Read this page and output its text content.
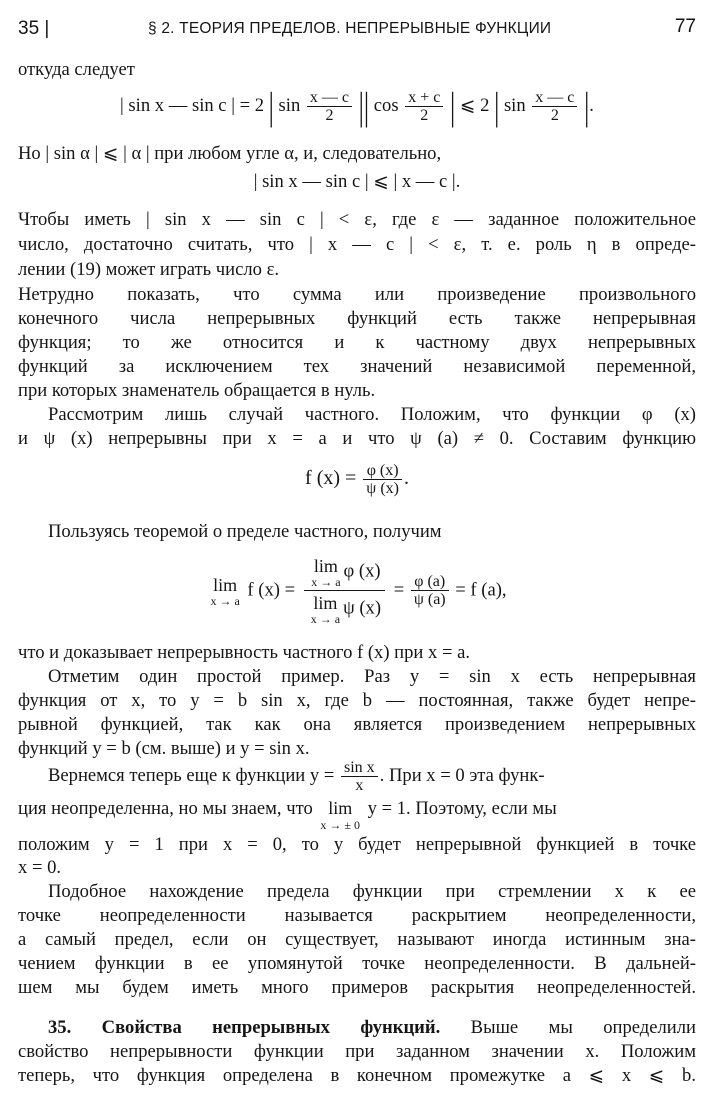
35 |	§ 2. ТЕОРИЯ ПРЕДЕЛОВ. НЕПРЕРЫВНЫЕ ФУНКЦИИ	77
откуда следует
| sin x — sin c | = 2 | $\sin \frac{x — c}{2}$ || $\cos \frac{x + c}{2}$ | ⩽ 2 | $\sin \frac{x — c}{2}$ |.
Но | sin α | ⩽ | α | при любом угле α, и, следовательно,
| sin x — sin c | ⩽ | x — c |.
Чтобы иметь | sin x — sin c | < ε, где ε — заданное положительное
число, достаточно считать, что | x — c | < ε, т. е. роль η в опреде-
лении (19) может играть число ε.
Нетрудно показать, что сумма или произведение произвольного
конечного числа непрерывных функций есть также непрерывная
функция; то же относится и к частному двух непрерывных
функций за исключением тех значений независимой переменной,
при которых знаменатель обращается в нуль.
Рассмотрим лишь случай частного. Положим, что функции φ (x)
и ψ (x) непрерывны при x = a и что ψ (a) ≠ 0. Составим функцию
f $(x) = \frac{\varphi (x)}{\psi (x)}$ .
Пользуясь теоремой о пределе частного, получим
lim
x → a f (x) = lim
x → a
φ (x)
lim
x → a
ψ $(x) = \frac{\varphi (a)}{\psi (a)} = f$ (a),
что и доказывает непрерывность частного f (x) при x = a.
Отметим один простой пример. Раз y = sin x есть непрерывная
функция от x, то y = b sin x, где b — постоянная, также будет непре-
рывной функцией, так как она является произведением непрерывных
функций y = b (см. выше) и y = sin x.
Вернемся теперь еще к функции $y = \frac{\text{sin x}}{x}$ . При x = 0 эта функ-
ция неопределенна, но мы знаем, что lim
x → ± 0
y = 1. Поэтому, если мы
положим y = 1 при x = 0, то y будет непрерывной функцией в точке
x = 0.
Подобное нахождение предела функции при стремлении x к ее
точке неопределенности называется раскрытием неопределенности,
а самый предел, если он существует, называют иногда истинным зна-
чением функции в ее упомянутой точке неопределенности. В дальней-
шем мы будем иметь много примеров раскрытия неопределенностей.
35. Свойства непрерывных функций. Выше мы определили
свойство непрерывности функции при заданном значении x. Положим
теперь, что функция определена в конечном промежутке a ⩽ x ⩽ b.
